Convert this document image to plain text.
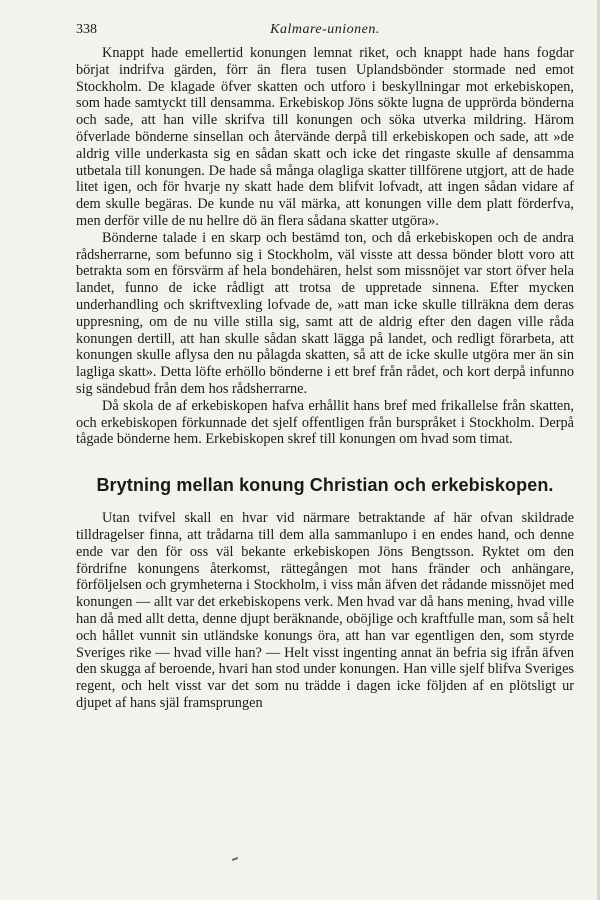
338	Kalmare-unionen.

Knappt hade emellertid konungen lemnat riket, och knappt hade hans fogdar börjat indrifva gärden, förr än flera tusen Uplandsbönder stormade ned emot Stockholm. De klagade öfver skatten och utforo i beskyllningar mot erkebiskopen, som hade samtyckt till densamma. Erkebiskop Jöns sökte lugna de upprörda bönderna och sade, att han ville skrifva till konungen och söka utverka mildring. Härom öfverlade bönderne sinsellan och återvände derpå till erkebiskopen och sade, att »de aldrig ville underkasta sig en sådan skatt och icke det ringaste skulle af densamma utbetala till konungen. De hade så många olagliga skatter tillförene utgjort, att de hade litet igen, och för hvarje ny skatt hade dem blifvit lofvadt, att ingen sådan vidare af dem skulle begäras. De kunde nu väl märka, att konungen ville dem platt förderfva, men derför ville de nu hellre dö än flera sådana skatter utgöra».

Bönderne talade i en skarp och bestämd ton, och då erkebiskopen och de andra rådsherrarne, som befunno sig i Stockholm, väl visste att dessa bönder blott voro att betrakta som en försvärm af hela bondehären, helst som missnöjet var stort öfver hela landet, funno de icke rådligt att trotsa de uppretade sinnena. Efter mycken underhandling och skriftvexling lofvade de, »att man icke skulle tillräkna dem deras uppresning, om de nu ville stilla sig, samt att de aldrig efter den dagen ville råda konungen dertill, att han skulle sådan skatt lägga på landet, och redligt förarbeta, att konungen skulle aflysa den nu pålagda skatten, så att de icke skulle utgöra mer än sin lagliga skatt». Detta löfte erhöllo bönderne i ett bref från rådet, och kort derpå infunno sig sändebud från dem hos rådsherrarne.

Då skola de af erkebiskopen hafva erhållit hans bref med frikallelse från skatten, och erkebiskopen förkunnade det sjelf offentligen från burspråket i Stockholm. Derpå tågade bönderne hem. Erkebiskopen skref till konungen om hvad som timat.

Brytning mellan konung Christian och erkebiskopen.

Utan tvifvel skall en hvar vid närmare betraktande af här ofvan skildrade tilldragelser finna, att trådarna till dem alla sammanlupo i en endes hand, och denne ende var den för oss väl bekante erkebiskopen Jöns Bengtsson. Ryktet om den fördrifne konungens återkomst, rättegången mot hans fränder och anhängare, förföljelsen och grymheterna i Stockholm, i viss mån äfven det rådande missnöjet med konungen — allt var det erkebiskopens verk. Men hvad var då hans mening, hvad ville han då med allt detta, denne djupt beräknande, oböjlige och kraftfulle man, som så helt och hållet vunnit sin utländske konungs öra, att han var egentligen den, som styrde Sveriges rike — hvad ville han? — Helt visst ingenting annat än befria sig ifrån äfven den skugga af beroende, hvari han stod under konungen. Han ville sjelf blifva Sveriges regent, och helt visst var det som nu trädde i dagen icke följden af en plötsligt ur djupet af hans själ framsprungen
